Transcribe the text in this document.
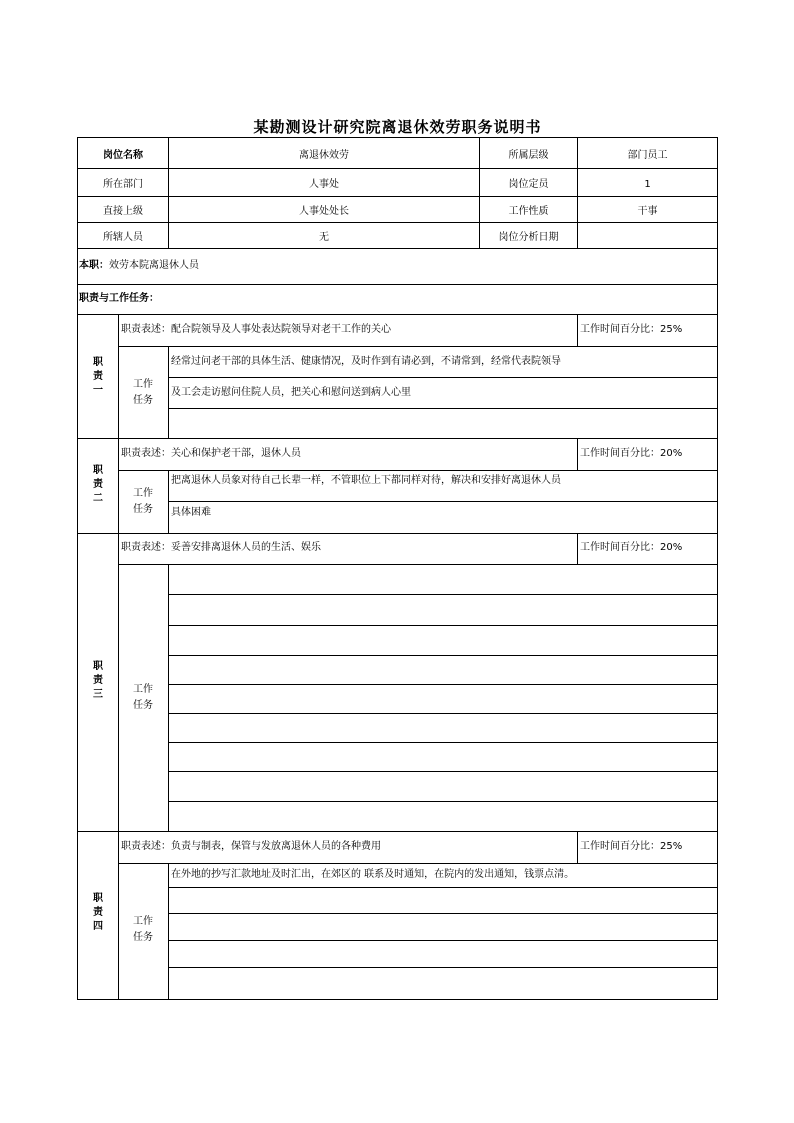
某勘测设计研究院离退休效劳职务说明书
岗位名称	离退休效劳	所属层级	部门员工
所在部门	人事处	岗位定员	1
直接上级	人事处处长	工作性质	干事
所辖人员	无	岗位分析日期
本职：效劳本院离退休人员
职责与工作任务：
职
责
一
职责表述：配合院领导及人事处表达院领导对老干工作的关心	工作时间百分比：25%
工作
任务
经常过问老干部的具体生活、健康情况，及时作到有请必到，不请常到，经常代表院领导
及工会走访慰问住院人员，把关心和慰问送到病人心里
职
责
二
职责表述：关心和保护老干部，退休人员	工作时间百分比：20%
工作
任务
把离退休人员象对待自己长辈一样，不管职位上下都同样对待，解决和安排好离退休人员
具体困难
职
责
三
职责表述：妥善安排离退休人员的生活、娱乐	工作时间百分比：20%
工作
任务
职
责
四
职责表述：负责与制表，保管与发放离退休人员的各种费用	工作时间百分比：25%
工作
任务
在外地的抄写汇款地址及时汇出，在郊区的 联系及时通知，在院内的发出通知，钱票点清。
